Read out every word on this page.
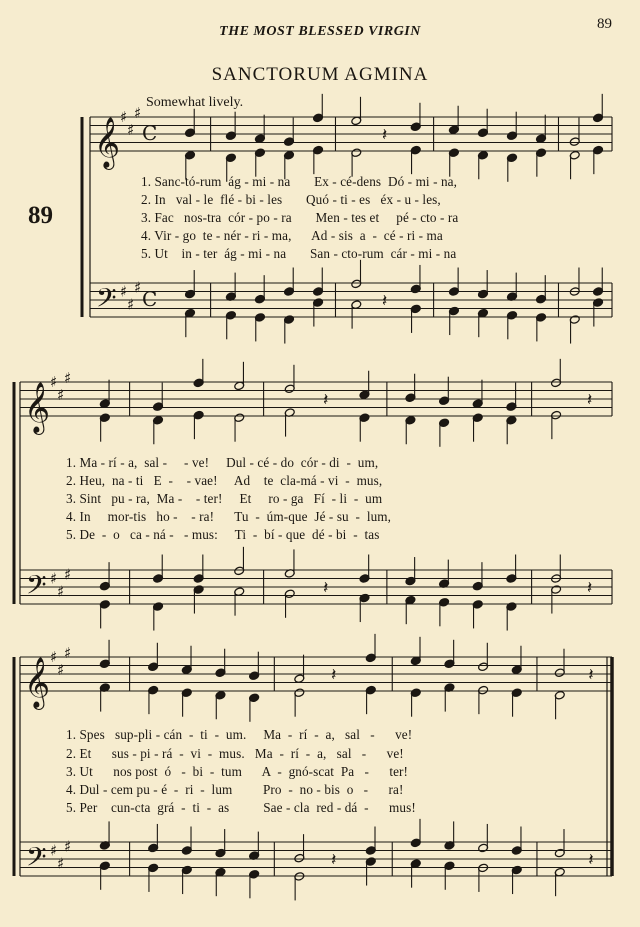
THE MOST BLESSED VIRGIN	89
SANCTORUM AGMINA
89
Somewhat lively.
𝄞
𝄢
♯
♯
♯
♯
♯
♯
C
C
𝄽
𝄽
𝄞
𝄢
♯
♯
♯
♯
♯
♯
𝄽
𝄽
𝄽
𝄽
𝄞
𝄢
♯
♯
♯
♯
♯
♯
𝄽
𝄽
𝄽
𝄽
1. Sanc-tó-rum  ág - mi - na       Ex - cé-dens  Dó - mi - na,
2. In   val - le  flé - bi - les       Quó - ti - es   éx - u - les,
3. Fac   nos-tra  cór - po - ra       Men - tes et     pé - cto - ra
4. Vir - go  te - nér - ri - ma,      Ad - sis  a  -  cé - ri - ma
5. Ut    in - ter  ág - mi - na       San - cto-rum  cár - mi - na
1. Ma - rí - a,  sal -     - ve!     Dul - cé - do  cór - di  -  um,
2. Heu,  na - ti   E  -    - vae!     Ad    te  cla-má - vi  -  mus,
3. Sint   pu - ra,  Ma -    - ter!     Et     ro - ga   Fí  - li  -  um
4. In     mor-tis   ho -    - ra!      Tu  -  úm-que  Jé - su  -  lum,
5. De  -  o   ca - ná -   - mus:     Ti  -  bí - que  dé - bi  -  tas
1. Spes   sup-pli - cán  -  ti  -  um.     Ma  -  rí  -  a,   sal   -      ve!
2. Et      sus - pi - rá  -  vi  -  mus.   Ma  -  rí  -  a,   sal   -      ve!
3. Ut      nos post  ó   -  bi  -  tum      A  -  gnó-scat  Pa   -      ter!
4. Dul - cem pu - é  -  ri  -  lum         Pro  -  no - bis  o   -      ra!
5. Per    cun-cta  grá  -  ti  -  as          Sae - cla  red - dá  -      mus!
